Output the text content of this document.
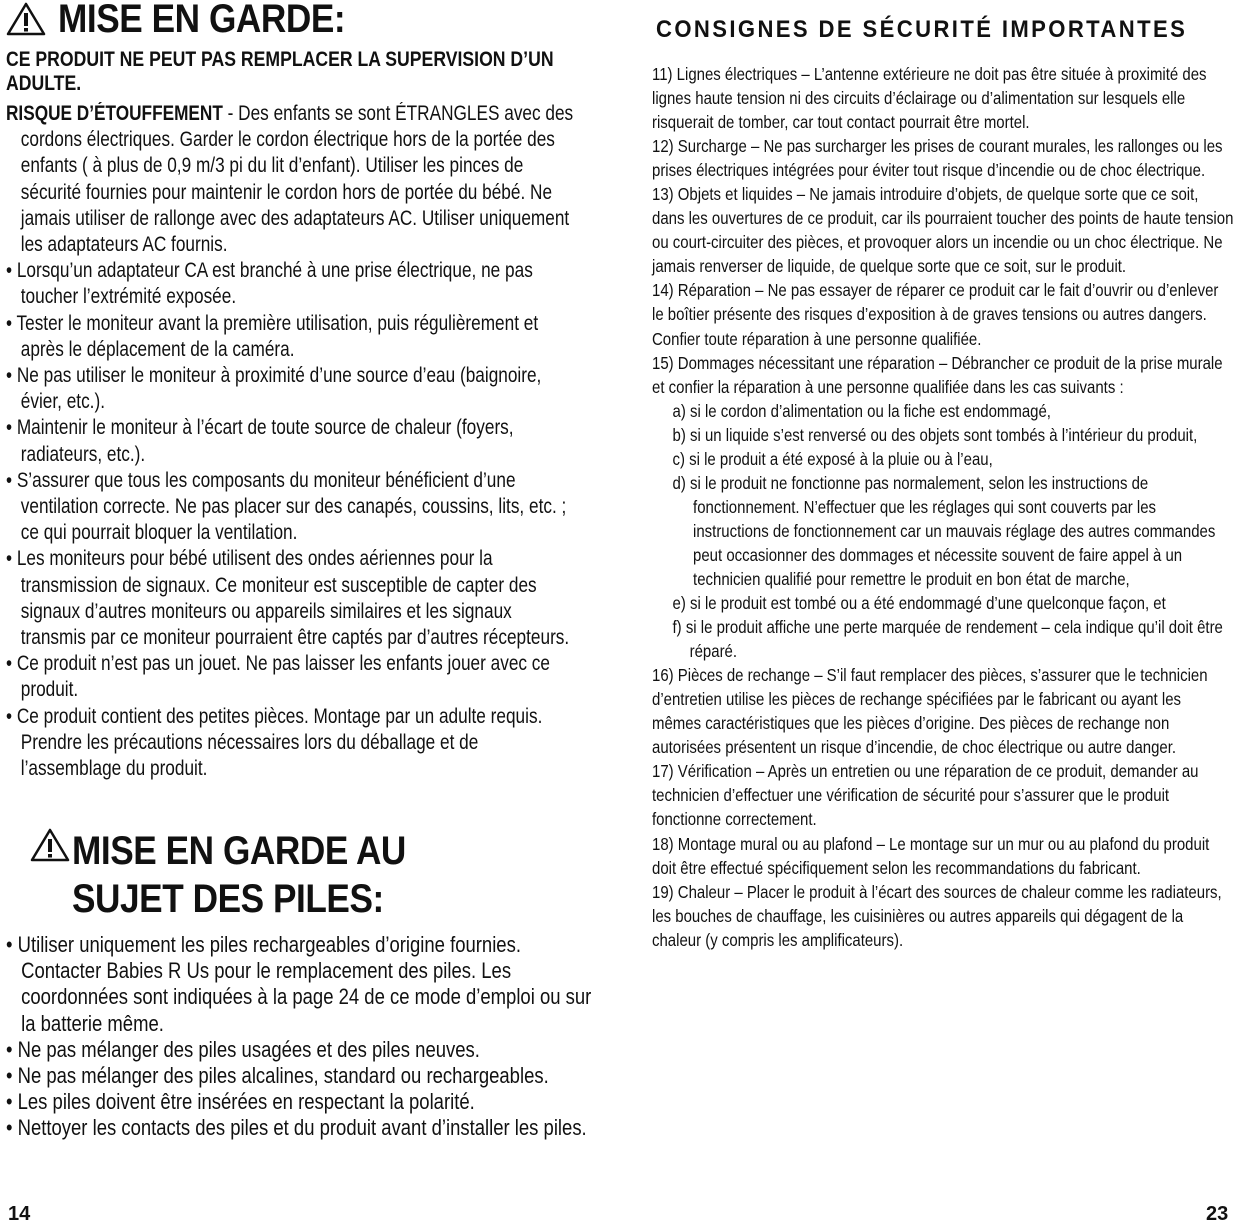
MISE EN GARDE:
CE PRODUIT NE PEUT PAS REMPLACER LA SUPERVISION D’UN ADULTE.

RISQUE D’ÉTOUFFEMENT - Des enfants se sont ÉTRANGLES avec des cordons électriques. Garder le cordon électrique hors de la portée des enfants ( à plus de 0,9 m/3 pi du lit d’enfant). Utiliser les pinces de sécurité fournies pour maintenir le cordon hors de portée du bébé. Ne jamais utiliser de rallonge avec des adaptateurs AC. Utiliser uniquement les adaptateurs AC fournis.

• Lorsqu’un adaptateur CA est branché à une prise électrique, ne pas toucher l’extrémité exposée.

• Tester le moniteur avant la première utilisation, puis régulièrement et après le déplacement de la caméra.

• Ne pas utiliser le moniteur à proximité d’une source d’eau (baignoire, évier, etc.).

• Maintenir le moniteur à l’écart de toute source de chaleur (foyers, radiateurs, etc.).

• S’assurer que tous les composants du moniteur bénéficient d’une ventilation correcte. Ne pas placer sur des canapés, coussins, lits, etc. ; ce qui pourrait bloquer la ventilation.

• Les moniteurs pour bébé utilisent des ondes aériennes pour la transmission de signaux. Ce moniteur est susceptible de capter des signaux d’autres moniteurs ou appareils similaires et les signaux transmis par ce moniteur pourraient être captés par d’autres récepteurs.

• Ce produit n’est pas un jouet. Ne pas laisser les enfants jouer avec ce produit.

• Ce produit contient des petites pièces. Montage par un adulte requis. Prendre les précautions nécessaires lors du déballage et de l’assemblage du produit.

MISE EN GARDE AU
SUJET DES PILES:

• Utiliser uniquement les piles rechargeables d’origine fournies. Contacter Babies R Us pour le remplacement des piles. Les coordonnées sont indiquées à la page 24 de ce mode d’emploi ou sur la batterie même.

• Ne pas mélanger des piles usagées et des piles neuves.

• Ne pas mélanger des piles alcalines, standard ou rechargeables.

• Les piles doivent être insérées en respectant la polarité.

• Nettoyer les contacts des piles et du produit avant d’installer les piles.

14
CONSIGNES DE SÉCURITÉ IMPORTANTES

11) Lignes électriques – L’antenne extérieure ne doit pas être située à proximité des lignes haute tension ni des circuits d’éclairage ou d’alimentation sur lesquels elle risquerait de tomber, car tout contact pourrait être mortel.

12) Surcharge – Ne pas surcharger les prises de courant murales, les rallonges ou les prises électriques intégrées pour éviter tout risque d’incendie ou de choc électrique.

13) Objets et liquides – Ne jamais introduire d’objets, de quelque sorte que ce soit, dans les ouvertures de ce produit, car ils pourraient toucher des points de haute tension ou court-circuiter des pièces, et provoquer alors un incendie ou un choc électrique. Ne jamais renverser de liquide, de quelque sorte que ce soit, sur le produit.

14) Réparation – Ne pas essayer de réparer ce produit car le fait d’ouvrir ou d’enlever le boîtier présente des risques d’exposition à de graves tensions ou autres dangers. Confier toute réparation à une personne qualifiée.

15) Dommages nécessitant une réparation – Débrancher ce produit de la prise murale et confier la réparation à une personne qualifiée dans les cas suivants :

a) si le cordon d’alimentation ou la fiche est endommagé,

b) si un liquide s’est renversé ou des objets sont tombés à l’intérieur du produit,

c) si le produit a été exposé à la pluie ou à l’eau,

d) si le produit ne fonctionne pas normalement, selon les instructions de fonctionnement. N’effectuer que les réglages qui sont couverts par les instructions de fonctionnement car un mauvais réglage des autres commandes peut occasionner des dommages et nécessite souvent de faire appel à un technicien qualifié pour remettre le produit en bon état de marche,

e) si le produit est tombé ou a été endommagé d’une quelconque façon, et

f) si le produit affiche une perte marquée de rendement – cela indique qu’il doit être réparé.

16) Pièces de rechange – S’il faut remplacer des pièces, s’assurer que le technicien d’entretien utilise les pièces de rechange spécifiées par le fabricant ou ayant les mêmes caractéristiques que les pièces d’origine. Des pièces de rechange non autorisées présentent un risque d’incendie, de choc électrique ou autre danger.

17) Vérification – Après un entretien ou une réparation de ce produit, demander au technicien d’effectuer une vérification de sécurité pour s’assurer que le produit fonctionne correctement.

18) Montage mural ou au plafond – Le montage sur un mur ou au plafond du produit doit être effectué spécifiquement selon les recommandations du fabricant.

19) Chaleur – Placer le produit à l’écart des sources de chaleur comme les radiateurs, les bouches de chauffage, les cuisinières ou autres appareils qui dégagent de la chaleur (y compris les amplificateurs).

23
